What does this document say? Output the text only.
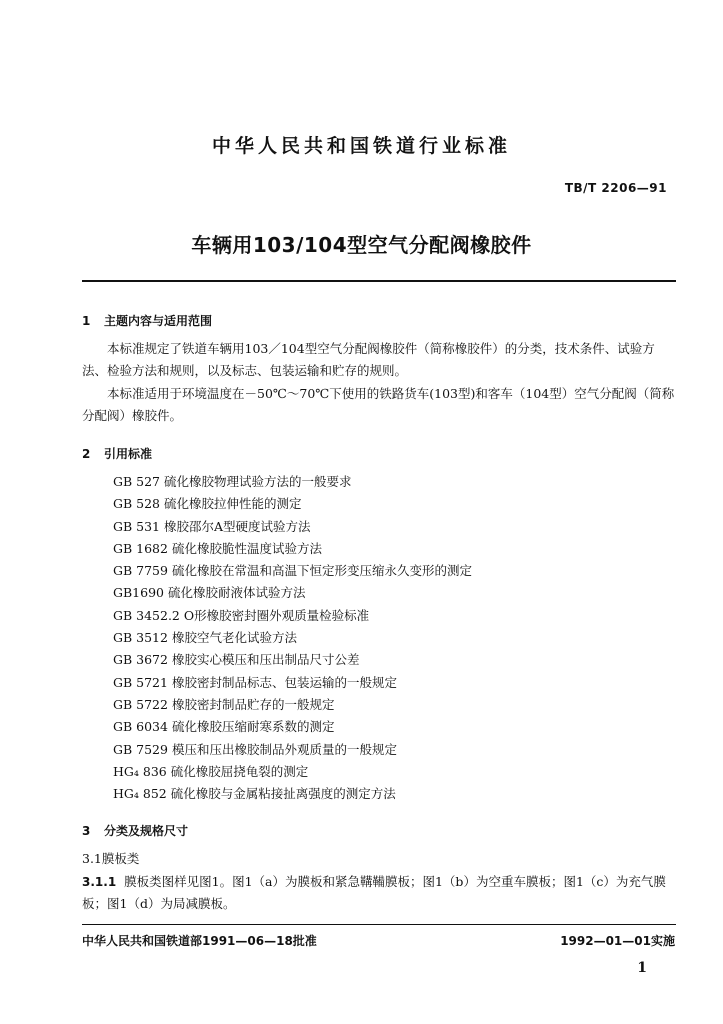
中华人民共和国铁道行业标准
TB/T 2206—91
车辆用103/104型空气分配阀橡胶件
1 主题内容与适用范围
本标准规定了铁道车辆用103／104型空气分配阀橡胶件（简称橡胶件）的分类，技术条件、试验方法、检验方法和规则，以及标志、包装运输和贮存的规则。
本标准适用于环境温度在－50℃～70℃下使用的铁路货车(103型)和客车（104型）空气分配阀（简称分配阀）橡胶件。
2 引用标准
GB 527 硫化橡胶物理试验方法的一般要求
GB 528 硫化橡胶拉伸性能的测定
GB 531 橡胶邵尔A型硬度试验方法
GB 1682 硫化橡胶脆性温度试验方法
GB 7759 硫化橡胶在常温和高温下恒定形变压缩永久变形的测定
GB1690 硫化橡胶耐液体试验方法
GB 3452.2 O形橡胶密封圈外观质量检验标准
GB 3512 橡胶空气老化试验方法
GB 3672 橡胶实心模压和压出制品尺寸公差
GB 5721 橡胶密封制品标志、包装运输的一般规定
GB 5722 橡胶密封制品贮存的一般规定
GB 6034 硫化橡胶压缩耐寒系数的测定
GB 7529 模压和压出橡胶制品外观质量的一般规定
HG₄ 836 硫化橡胶屈挠龟裂的测定
HG₄ 852 硫化橡胶与金属粘接扯离强度的测定方法
3 分类及规格尺寸
3.1膜板类
3.1.1 膜板类图样见图1。图1（a）为膜板和紧急鞲鞴膜板；图1（b）为空重车膜板；图1（c）为充气膜板；图1（d）为局减膜板。
中华人民共和国铁道部1991—06—18批准	1992—01—01实施
1
